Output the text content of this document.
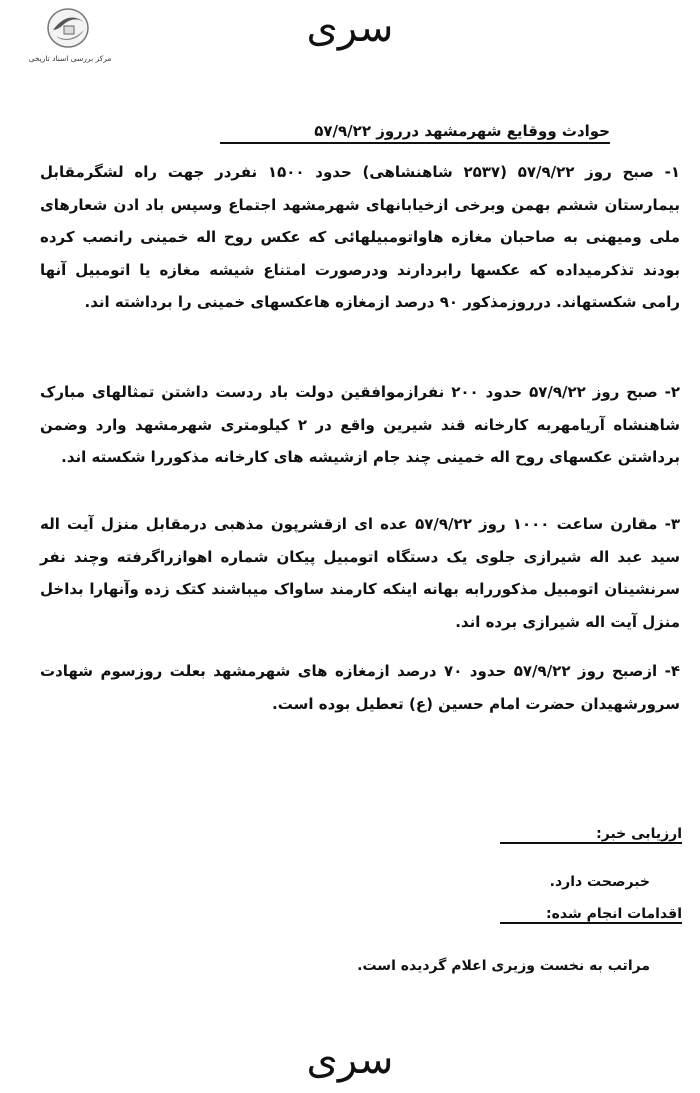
مرکز بررسی اسناد تاریخی
سری
حوادث ووقایع شهرمشهد درروز ۵۷/۹/۲۲

۱- صبح روز ۵۷/۹/۲۲ (۲۵۳۷ شاهنشاهی) حدود ۱۵۰۰ نفردر جهت راه لشگرمقابل بیمارستان ششم بهمن وبرخی ازخیابانهای شهرمشهد اجتماع وسپس باد ادن شعارهای ملی ومیهنی به صاحبان مغازه هاواتومبیلهائی که عکس روح اله خمینی رانصب کرده بودند تذکرمیداده که عکسها رابردارند ودرصورت امتناع شیشه مغازه یا اتومبیل آنها رامی شکستهاند. درروزمذکور ۹۰ درصد ازمغازه هاعکسهای خمینی را برداشته اند.

۲- صبح روز ۵۷/۹/۲۲ حدود ۲۰۰ نفرازموافقین دولت باد ردست داشتن تمثالهای مبارک شاهنشاه آریامهربه کارخانه قند شیرین واقع در ۲ کیلومتری شهرمشهد وارد وضمن برداشتن عکسهای روح اله خمینی چند جام ازشیشه های کارخانه مذکوررا شکسته اند.

۳- مقارن ساعت ۱۰۰۰ روز ۵۷/۹/۲۲ عده ای ازقشرپون مذهبی درمقابل منزل آیت اله سید عبد اله شیرازی جلوی یک دستگاه اتومبیل پیکان شماره اهوازراگرفته وچند نفر سرنشینان اتومبیل مذکوررابه بهانه اینکه کارمند ساواک میباشند کتک زده وآنهارا بداخل منزل آیت اله شیرازی برده اند.

۴- ازصبح روز ۵۷/۹/۲۲ حدود ۷۰ درصد ازمغازه های شهرمشهد بعلت روزسوم شهادت سرورشهیدان حضرت امام حسین (ع) تعطیل بوده است.

ارزیابی خبر:
خبرصحت دارد.
اقدامات انجام شده:
مراتب به نخست وزیری اعلام گردیده است.
سری
